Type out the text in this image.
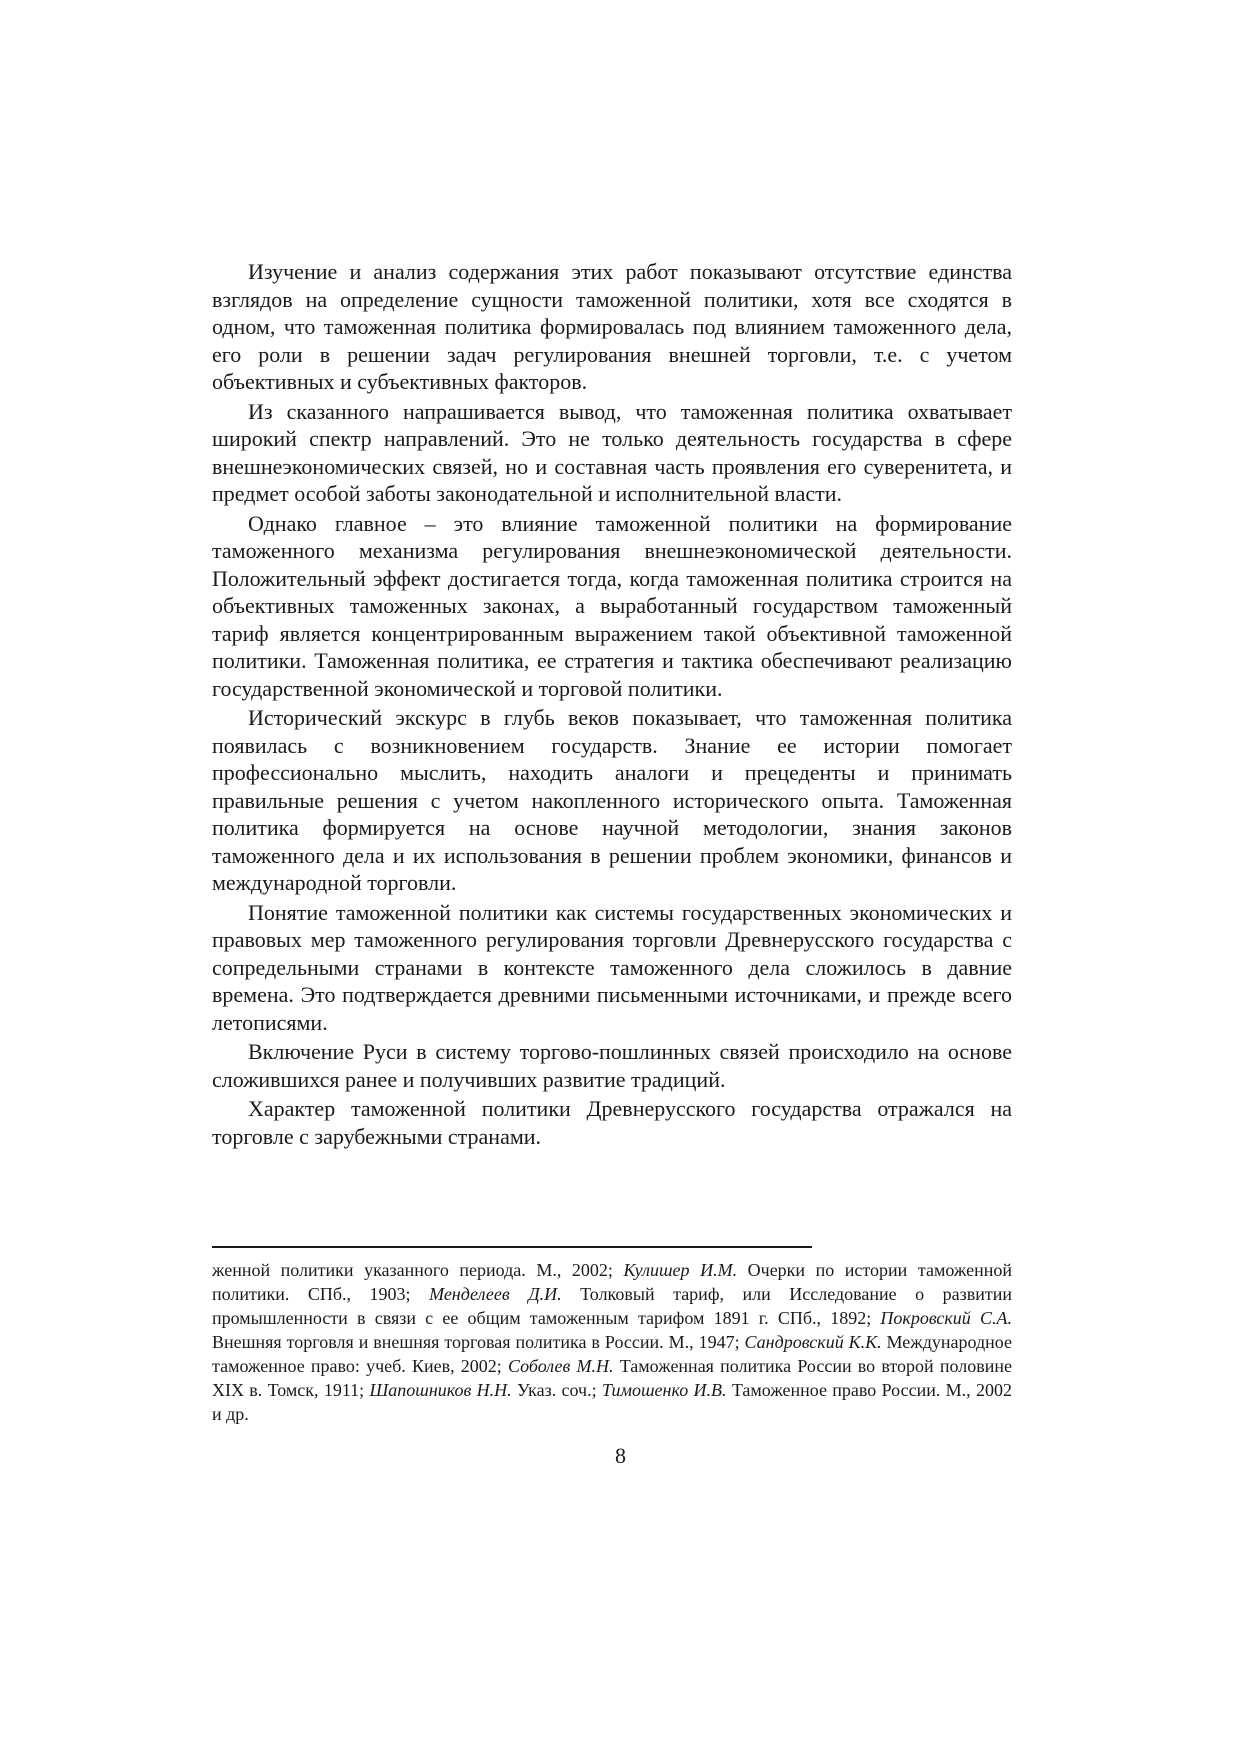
Изучение и анализ содержания этих работ показывают отсутствие единства взглядов на определение сущности таможенной политики, хотя все сходятся в одном, что таможенная политика формировалась под влиянием таможенного дела, его роли в решении задач регулирования внешней торговли, т.е. с учетом объективных и субъективных факторов.

Из сказанного напрашивается вывод, что таможенная политика охватывает широкий спектр направлений. Это не только деятельность государства в сфере внешнеэкономических связей, но и составная часть проявления его суверенитета, и предмет особой заботы законодательной и исполнительной власти.

Однако главное – это влияние таможенной политики на формирование таможенного механизма регулирования внешнеэкономической деятельности. Положительный эффект достигается тогда, когда таможенная политика строится на объективных таможенных законах, а выработанный государством таможенный тариф является концентрированным выражением такой объективной таможенной политики. Таможенная политика, ее стратегия и тактика обеспечивают реализацию государственной экономической и торговой политики.

Исторический экскурс в глубь веков показывает, что таможенная политика появилась с возникновением государств. Знание ее истории помогает профессионально мыслить, находить аналоги и прецеденты и принимать правильные решения с учетом накопленного исторического опыта. Таможенная политика формируется на основе научной методологии, знания законов таможенного дела и их использования в решении проблем экономики, финансов и международной торговли.

Понятие таможенной политики как системы государственных экономических и правовых мер таможенного регулирования торговли Древнерусского государства с сопредельными странами в контексте таможенного дела сложилось в давние времена. Это подтверждается древними письменными источниками, и прежде всего летописями.

Включение Руси в систему торгово-пошлинных связей происходило на основе сложившихся ранее и получивших развитие традиций.

Характер таможенной политики Древнерусского государства отражался на торговле с зарубежными странами.

женной политики указанного периода. М., 2002; Кулишер И.М. Очерки по истории таможенной политики. СПб., 1903; Менделеев Д.И. Толковый тариф, или Исследование о развитии промышленности в связи с ее общим таможенным тарифом 1891 г. СПб., 1892; Покровский С.А. Внешняя торговля и внешняя торговая политика в России. М., 1947; Сандровский К.К. Международное таможенное право: учеб. Киев, 2002; Соболев М.Н. Таможенная политика России во второй половине XIX в. Томск, 1911; Шапошников Н.Н. Указ. соч.; Тимошенко И.В. Таможенное право России. М., 2002 и др.

8
